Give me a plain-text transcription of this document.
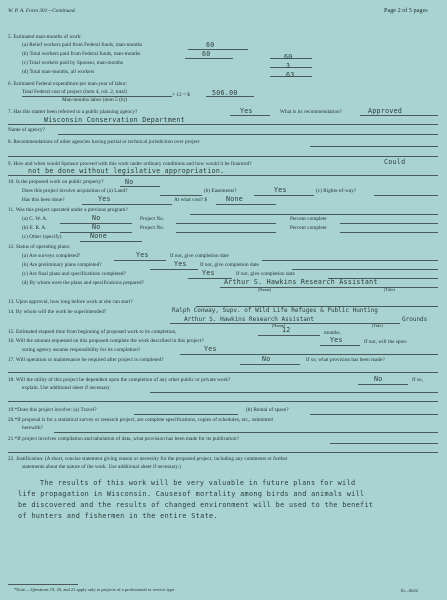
W. P. A. Form 301—Continued.	Page 2 of 5 pages
5. Estimated man-months of work:
(a) Relief workers paid from Federal funds, man-months	60
(b) Total workers paid from Federal funds, man-months	60	60
(c) Total workers paid by Sponsor, man-months	3
(d) Total man-months, all workers	63
6. Estimated Federal expenditure per man-year of labor:
Total Federal cost of project (item 4, col. 2, total)	× 12 = $	506.00
Man-months labor (item 5 (b))
7. Has this matter been referred to a public planning agency?	Yes	What is its recommendation?	Approved
Wisconsin Conservation Department
Name of agency?
8. Recommendations of other agencies having partial or technical jurisdiction over project
9. How and when would Sponsor proceed with this work under ordinary conditions and how would it be financed?	Could
not be done without legislative appropriation.
10. Is the proposed work on public property?	No
Does this project involve acquisition of (a) Land?	(b) Easements?	Yes	(c) Rights-of-way?
Has this been done?	Yes	At what cost? $	None
11. Was this project operated under a previous program?
(a) C. W. A.	No	Project No.	Percent complete
(b) E. R. A.	No	Project No.	Percent complete
(c) Other (specify)	None
12. Status of operating plans:
(a) Are surveys completed?	Yes	If not, give completion date
(b) Are preliminary plans completed?	Yes	If not, give completion date
(c) Are final plans and specifications completed?	Yes	If not, give completion date
(d) By whom were the plans and specifications prepared?	Arthur S. Hawkins Research Assistant
(Name)	(Title)
13. Upon approval, how long before work at site can start?
14. By whom will the work be superintended?	Ralph Conway, Supv. of Wild Life Refuges & Public Hunting
Arthur S. Hawkins Research Assistant	Grounds
(Name)	(Title)
15. Estimated elapsed time from beginning of proposed work to its completion,	12	months.
16. Will the amount requested on this proposed complete the work described in this project?	Yes	If not, will the spon-
soring agency assume responsibility for its completion?	Yes
17. Will operation or maintenance be required after project is completed?	No	If so, what provision has been made?
18. Will the utility of this project be dependent upon the completion of any other public or private work?	No	If so,
explain. Use additional sheet if necessary
19.*Does this project involve: (a) Travel?	(b) Rental of space?
20.*If proposal is for a statistical survey or research project, are complete specifications, copies of schedules, etc., submitted
herewith?
21.*If project involves compilation and tabulation of data, what provision has been made for its publication?
22. Justification: (A short, concise statement giving reason or necessity for the proposed project, including any comments or further
statements about the nature of the work. Use additional sheet if necessary.)
The results of this work will be very valuable in future plans for wild
life propagation in Wisconsin. Causesof mortality among birds and animals will
be discovered and the results of changed environment will be used to the benefit
of hunters and fishermen in the entire State.
*Note.—Questions 19, 20, and 21 apply only to projects of a professional or service type.	10—6622
